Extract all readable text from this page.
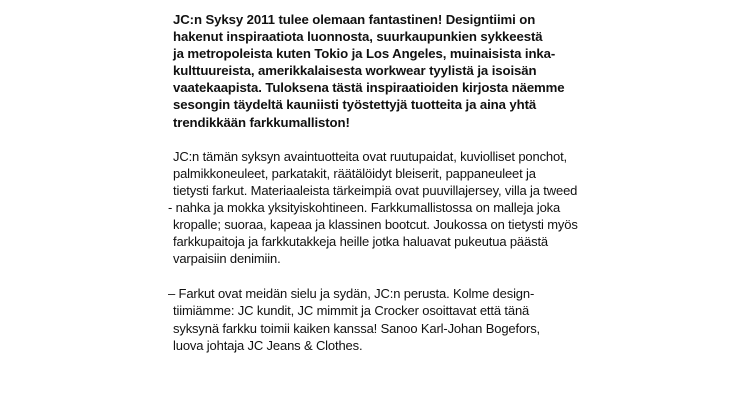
JC:n Syksy 2011 tulee olemaan fantastinen! Designtiimi on
hakenut inspiraatiota luonnosta, suurkaupunkien sykkeestä
ja metropoleista kuten Tokio ja Los Angeles, muinaisista inka-
kulttuureista, amerikkalaisesta workwear tyylistä ja isoisän
vaatekaapista. Tuloksena tästä inspiraatioiden kirjosta näemme
sesongin täydeltä kauniisti työstettyjä tuotteita ja aina yhtä
trendikkään farkkumalliston!

JC:n tämän syksyn avaintuotteita ovat ruutupaidat, kuviolliset ponchot,
palmikkoneuleet, parkatakit, räätälöidyt bleiserit, pappaneuleet ja
tietysti farkut. Materiaaleista tärkeimpiä ovat puuvillajersey, villa ja tweed
- nahka ja mokka yksityiskohtineen. Farkkumallistossa on malleja joka
kropalle; suoraa, kapeaa ja klassinen bootcut. Joukossa on tietysti myös
farkkupaitoja ja farkkutakkeja heille jotka haluavat pukeutua päästä
varpaisiin denimiin.

– Farkut ovat meidän sielu ja sydän, JC:n perusta. Kolme design-
tiimiämme: JC kundit, JC mimmit ja Crocker osoittavat että tänä
syksynä farkku toimii kaiken kanssa! Sanoo Karl-Johan Bogefors,
luova johtaja JC Jeans & Clothes.
